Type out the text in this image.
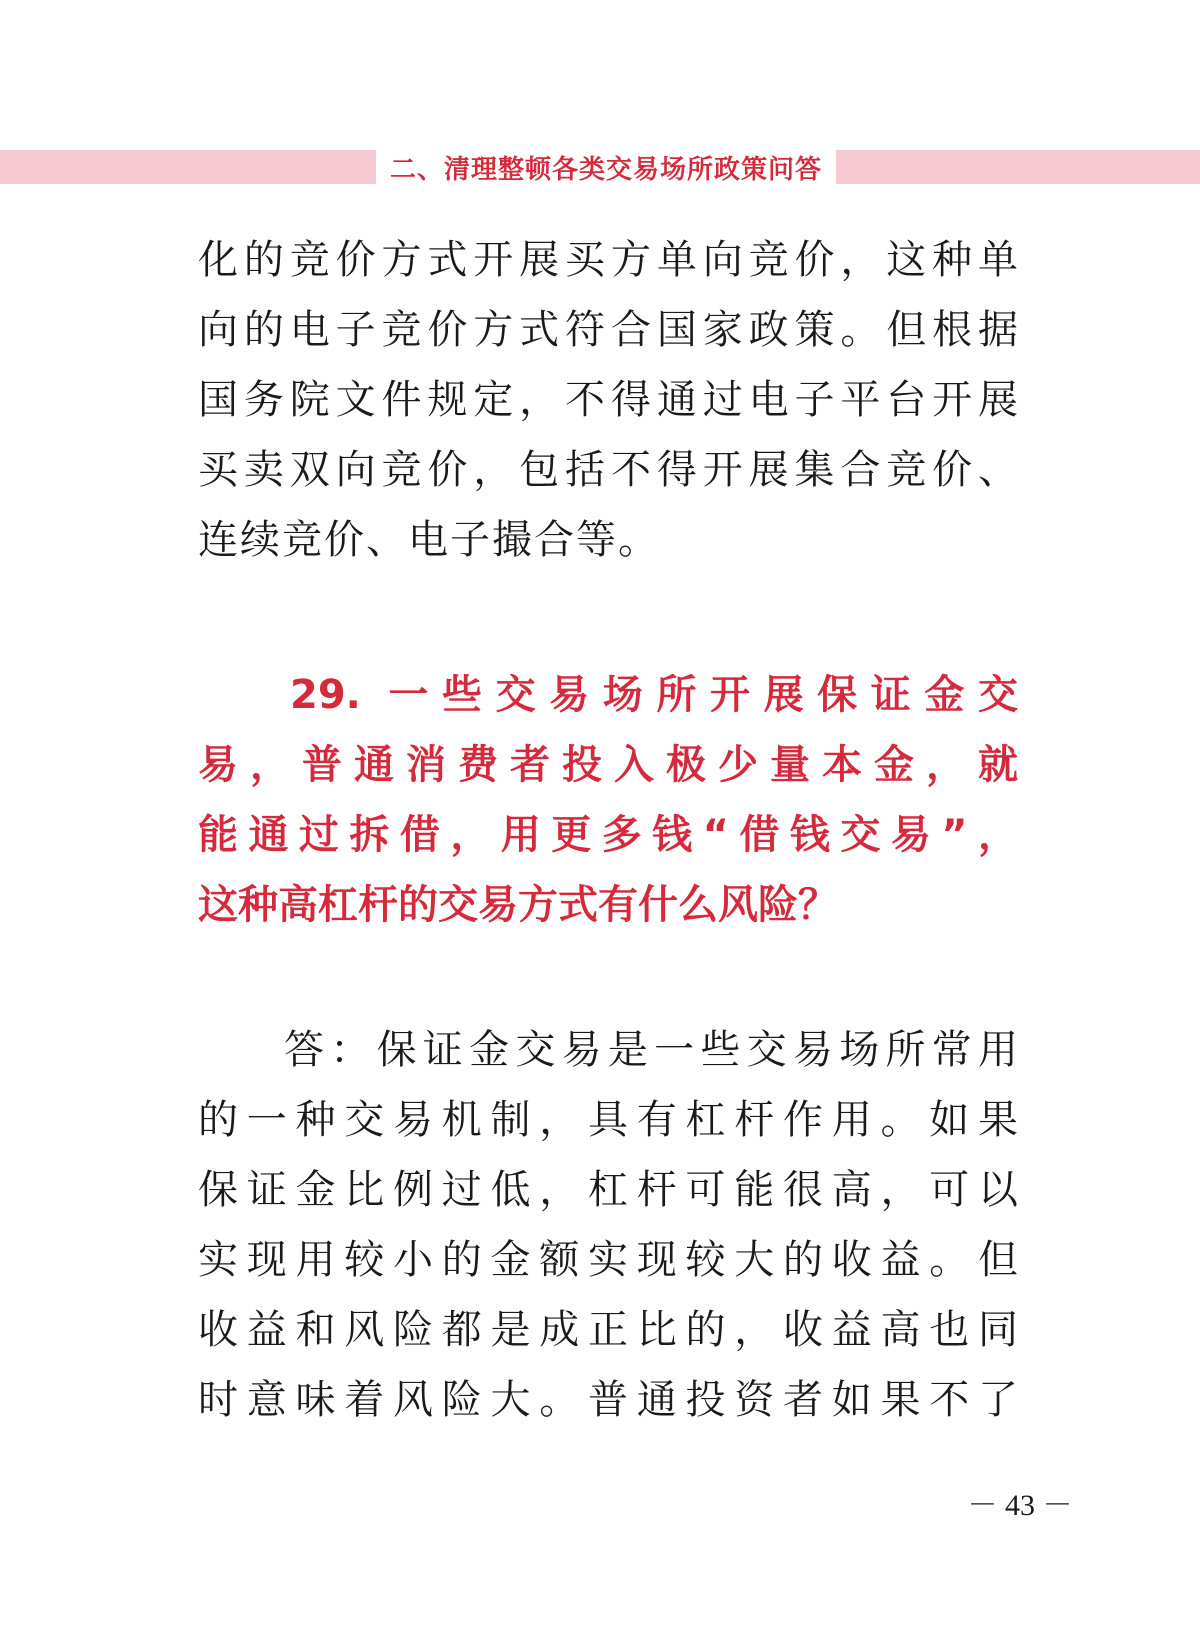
二、清理整顿各类交易场所政策问答
化的竞价方式开展买方单向竞价，这种单
向的电子竞价方式符合国家政策。但根据
国务院文件规定，不得通过电子平台开展
买卖双向竞价，包括不得开展集合竞价、
连续竞价、电子撮合等。
29. 一些交易场所开展保证金交
易，普通消费者投入极少量本金，就
能通过拆借，用更多钱“借钱交易”，
这种高杠杆的交易方式有什么风险？
答：保证金交易是一些交易场所常用
的一种交易机制，具有杠杆作用。如果
保证金比例过低，杠杆可能很高，可以
实现用较小的金额实现较大的收益。但
收益和风险都是成正比的，收益高也同
时意味着风险大。普通投资者如果不了
－ 43 －
